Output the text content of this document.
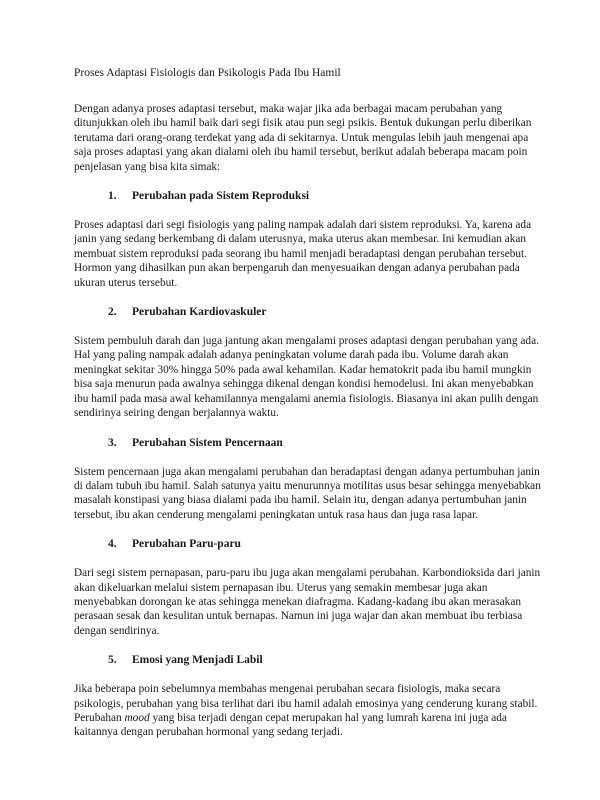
Proses Adaptasi Fisiologis dan Psikologis Pada Ibu Hamil

Dengan adanya proses adaptasi tersebut, maka wajar jika ada berbagai macam perubahan yang ditunjukkan oleh ibu hamil baik dari segi fisik atau pun segi psikis. Bentuk dukungan perlu diberikan terutama dari orang-orang terdekat yang ada di sekitarnya. Untuk mengulas lebih jauh mengenai apa saja proses adaptasi yang akan dialami oleh ibu hamil tersebut, berikut adalah beberapa macam poin penjelasan yang bisa kita simak:

1.	Perubahan pada Sistem Reproduksi

Proses adaptasi dari segi fisiologis yang paling nampak adalah dari sistem reproduksi. Ya, karena ada janin yang sedang berkembang di dalam uterusnya, maka uterus akan membesar. Ini kemudian akan membuat sistem reproduksi pada seorang ibu hamil menjadi beradaptasi dengan perubahan tersebut. Hormon yang dihasilkan pun akan berpengaruh dan menyesuaikan dengan adanya perubahan pada ukuran uterus tersebut.

2.	Perubahan Kardiovaskuler

Sistem pembuluh darah dan juga jantung akan mengalami proses adaptasi dengan perubahan yang ada. Hal yang paling nampak adalah adanya peningkatan volume darah pada ibu. Volume darah akan meningkat sekitar 30% hingga 50% pada awal kehamilan. Kadar hematokrit pada ibu hamil mungkin bisa saja menurun pada awalnya sehingga dikenal dengan kondisi hemodelusi. Ini akan menyebabkan ibu hamil pada masa awal kehamilannya mengalami anemia fisiologis. Biasanya ini akan pulih dengan sendirinya seiring dengan berjalannya waktu.

3.	Perubahan Sistem Pencernaan

Sistem pencernaan juga akan mengalami perubahan dan beradaptasi dengan adanya pertumbuhan janin di dalam tubuh ibu hamil. Salah satunya yaitu menurunnya motilitas usus besar sehingga menyebabkan masalah konstipasi yang biasa dialami pada ibu hamil. Selain itu, dengan adanya pertumbuhan janin tersebut, ibu akan cenderung mengalami peningkatan untuk rasa haus dan juga rasa lapar.

4.	Perubahan Paru-paru

Dari segi sistem pernapasan, paru-paru ibu juga akan mengalami perubahan. Karbondioksida dari janin akan dikeluarkan melalui sistem pernapasan ibu. Uterus yang semakin membesar juga akan menyebabkan dorongan ke atas sehingga menekan diafragma. Kadang-kadang ibu akan merasakan perasaan sesak dan kesulitan untuk bernapas. Namun ini juga wajar dan akan membuat ibu terbiasa dengan sendirinya.

5.	Emosi yang Menjadi Labil

Jika beberapa poin sebelumnya membahas mengenai perubahan secara fisiologis, maka secara psikologis, perubahan yang bisa terlihat dari ibu hamil adalah emosinya yang cenderung kurang stabil. Perubahan mood yang bisa terjadi dengan cepat merupakan hal yang lumrah karena ini juga ada kaitannya dengan perubahan hormonal yang sedang terjadi.
